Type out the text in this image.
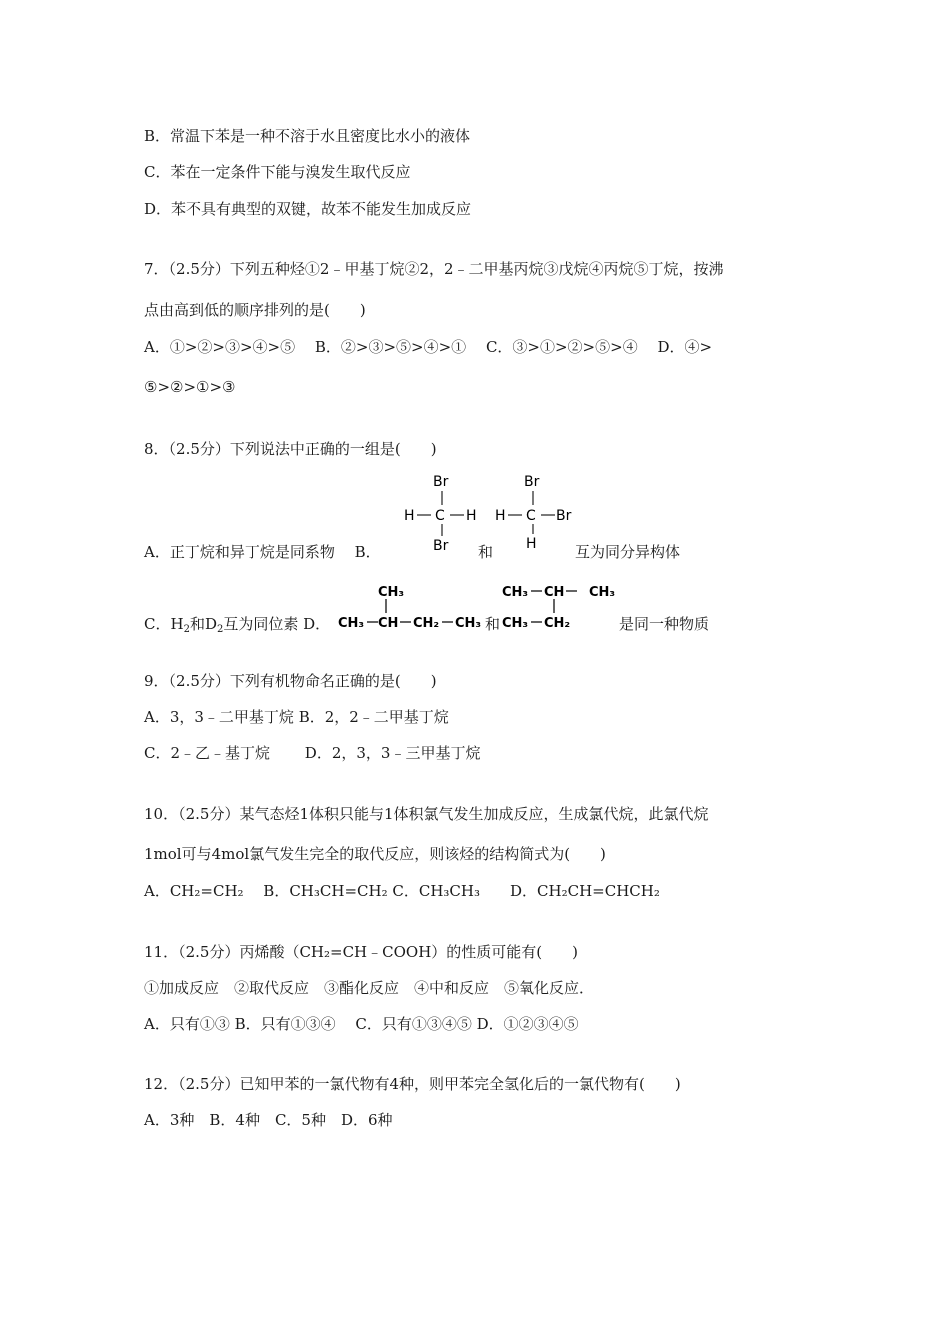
B．常温下苯是一种不溶于水且密度比水小的液体
C．苯在一定条件下能与溴发生取代反应
D．苯不具有典型的双键，故苯不能发生加成反应
7．（2.5分）下列五种烃①2﹣甲基丁烷②2，2﹣二甲基丙烷③戊烷④丙烷⑤丁烷，按沸
点由高到低的顺序排列的是(　　)
A．①>②>③>④>⑤　 B．②>③>⑤>④>①　 C．③>①>②>⑤>④　 D．④>
⑤>②>①>③
8．（2.5分）下列说法中正确的一组是(　　)
A．正丁烷和异丁烷是同系物　 B．	和	互为同分异构体
Br
H C H
Br
Br
H C Br
H
C．$H_2$和$D_2$互为同位素 D．
CH₃
CH₃ CH CH₂ CH₃ 和
CH₃ CH CH₃
CH₃ CH₂	是同一种物质
9．（2.5分）下列有机物命名正确的是(　　)
A．3，3﹣二甲基丁烷 B．2，2﹣二甲基丁烷
C．2﹣乙﹣基丁烷　　 D．2，3，3﹣三甲基丁烷
10．（2.5分）某气态烃1体积只能与1体积氯气发生加成反应，生成氯代烷，此氯代烷
1mol可与4mol氯气发生完全的取代反应，则该烃的结构简式为(　　)
A．CH₂=CH₂　 B．CH₃CH=CH₂ C．CH₃CH₃　　D．CH₂CH=CHCH₂
11．（2.5分）丙烯酸（CH₂=CH﹣COOH）的性质可能有(　　)
①加成反应　②取代反应　③酯化反应　④中和反应　⑤氧化反应．
A．只有①③ B．只有①③④　 C．只有①③④⑤ D．①②③④⑤
12．（2.5分）已知甲苯的一氯代物有4种，则甲苯完全氢化后的一氯代物有(　　)
A．3种　B．4种　C．5种　D．6种
